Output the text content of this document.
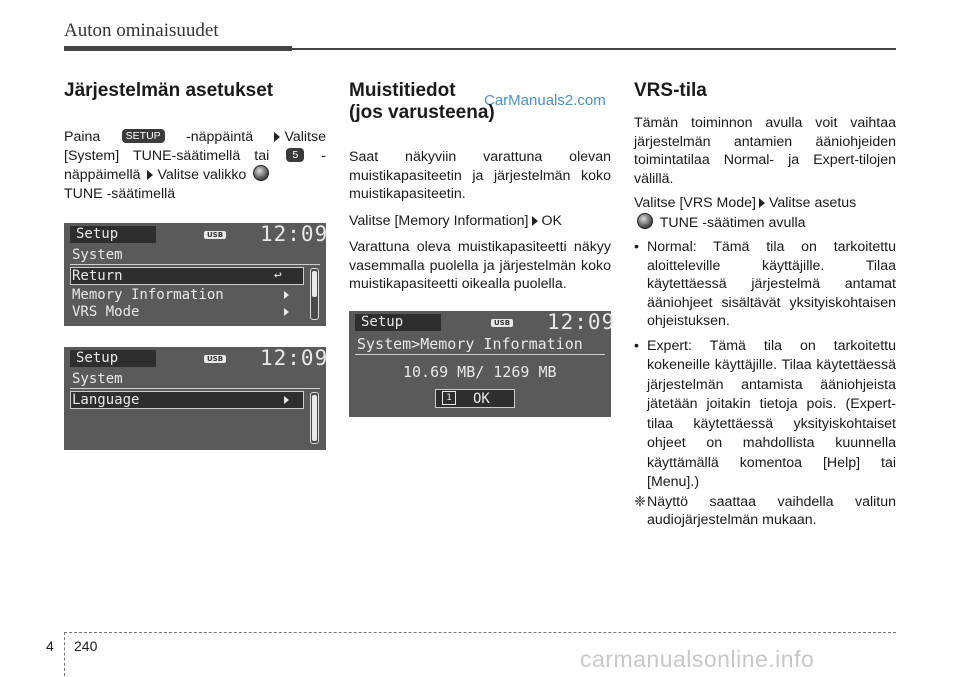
Auton ominaisuudet
CarManuals2.com
Järjestelmän asetukset

Paina SETUP -näppäintä Valitse [System] TUNE-säätimellä tai 5 -näppäimellä Valitse valikko
TUNE -säätimellä

Setup	USB 12:09
System
Return	↩
Memory Information
VRS Mode
Setup	USB 12:09
System
Language
Muistitiedot
(jos varusteena)

Saat näkyviin varattuna olevan muistikapasiteetin ja järjestelmän koko muistikapasiteetin.

Valitse [Memory Information] OK

Varattuna oleva muistikapasiteetti näkyy vasemmalla puolella ja järjestelmän koko muistikapasiteetti oikealla puolella.

Setup	USB 12:09
System>Memory Information
10.69 MB/ 1269 MB
1	OK
VRS-tila

Tämän toiminnon avulla voit vaihtaa järjestelmän antamien ääniohjeiden toimintatilaa Normal- ja Expert-tilojen välillä.

Valitse [VRS Mode] Valitse asetus
TUNE -säätimen avulla

• Normal: Tämä tila on tarkoitettu aloitteleville käyttäjille. Tilaa käytettäessä järjestelmä antamat ääniohjeet sisältävät yksityiskohtaisen ohjeistuksen.

• Expert: Tämä tila on tarkoitettu kokeneille käyttäjille. Tilaa käytettäessä järjestelmän antamista ääniohjeista jätetään joitakin tietoja pois. (Expert-tilaa käytettäessä yksityiskohtaiset ohjeet on mahdollista kuunnella käyttämällä komentoa [Help] tai [Menu].)

❈ Näyttö saattaa vaihdella valitun audiojärjestelmän mukaan.

4 240	carmanualsonline.info
